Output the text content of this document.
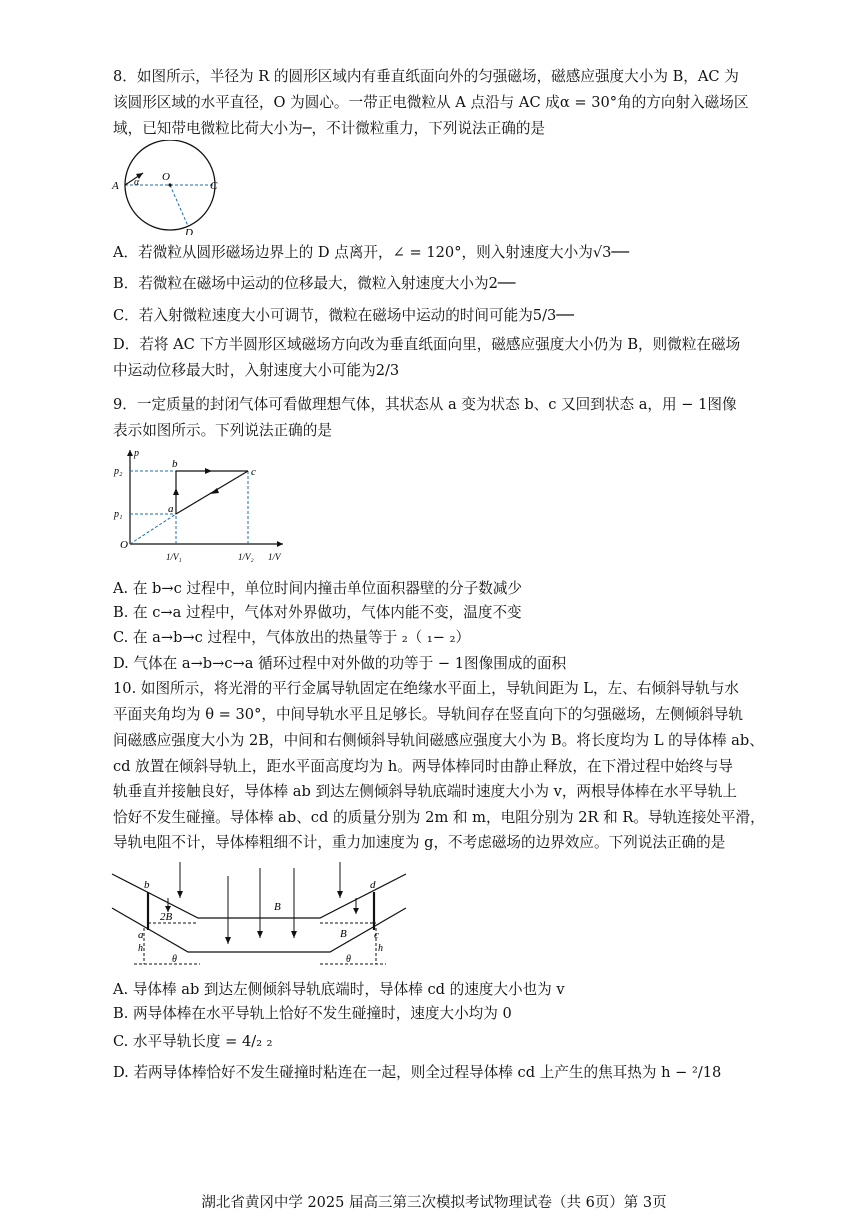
8．如图所示，半径为 R 的圆形区域内有垂直纸面向外的匀强磁场，磁感应强度大小为 B，AC 为
该圆形区域的水平直径，O 为圆心。一带正电微粒从 A 点沿与 AC 成α = 30°角的方向射入磁场区
域，已知带电微粒比荷大小为─，不计微粒重力，下列说法正确的是
A
O
C
D
α
A．若微粒从圆形磁场边界上的 D 点离开，∠ = 120°，则入射速度大小为√3──
B．若微粒在磁场中运动的位移最大，微粒入射速度大小为2──
C．若入射微粒速度大小可调节，微粒在磁场中运动的时间可能为5/3──
D．若将 AC 下方半圆形区域磁场方向改为垂直纸面向里，磁感应强度大小仍为 B，则微粒在磁场
中运动位移最大时，入射速度大小可能为2/3
9．一定质量的封闭气体可看做理想气体，其状态从 a 变为状态 b、c 又回到状态 a，用 − 1图像
表示如图所示。下列说法正确的是
p
p₂
p₁
O
b
c
a
1/V₁	1/V₂ 1/V
A. 在 b→c 过程中，单位时间内撞击单位面积器壁的分子数减少
B. 在 c→a 过程中，气体对外界做功，气体内能不变，温度不变
C. 在 a→b→c 过程中，气体放出的热量等于 ₂（ ₁− ₂）
D. 气体在 a→b→c→a 循环过程中对外做的功等于 − 1图像围成的面积
10. 如图所示，将光滑的平行金属导轨固定在绝缘水平面上，导轨间距为 L，左、右倾斜导轨与水
平面夹角均为 θ = 30°，中间导轨水平且足够长。导轨间存在竖直向下的匀强磁场，左侧倾斜导轨
间磁感应强度大小为 2B，中间和右侧倾斜导轨间磁感应强度大小为 B。将长度均为 L 的导体棒 ab、
cd 放置在倾斜导轨上，距水平面高度均为 h。两导体棒同时由静止释放，在下滑过程中始终与导
轨垂直并接触良好，导体棒 ab 到达左侧倾斜导轨底端时速度大小为 v，两根导体棒在水平导轨上
恰好不发生碰撞。导体棒 ab、cd 的质量分别为 2m 和 m，电阻分别为 2R 和 R。导轨连接处平滑，
导轨电阻不计，导体棒粗细不计，重力加速度为 g，不考虑磁场的边界效应。下列说法正确的是
b
a
d
c
h	h
2B
B
B
θ	θ
A. 导体棒 ab 到达左侧倾斜导轨底端时，导体棒 cd 的速度大小也为 v
B. 两导体棒在水平导轨上恰好不发生碰撞时，速度大小均为 0
C. 水平导轨长度 = 4/₂ ₂
D. 若两导体棒恰好不发生碰撞时粘连在一起，则全过程导体棒 cd 上产生的焦耳热为 h − ²/18
湖北省黄冈中学 2025 届高三第三次模拟考试物理试卷（共 6页）第 3页
